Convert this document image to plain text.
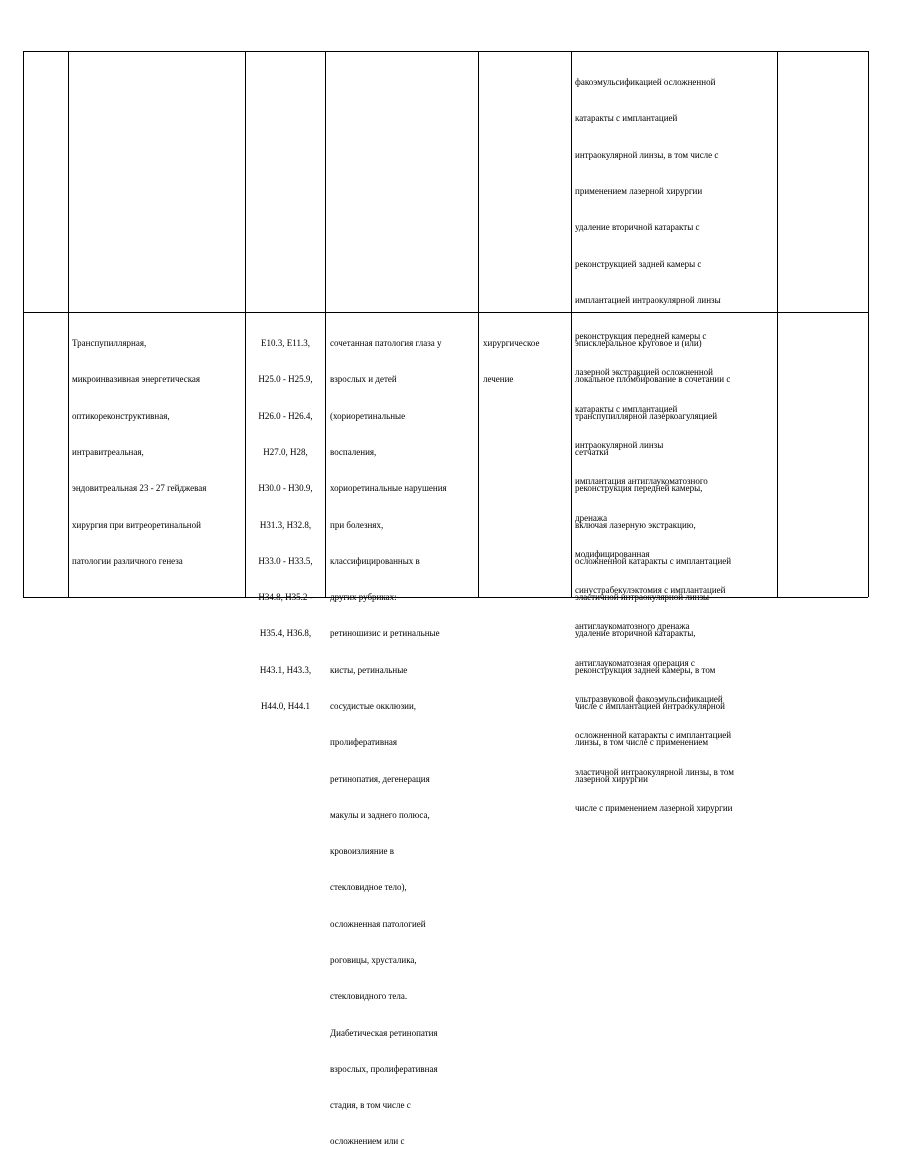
факоэмульсификацией осложненной

катаракты с имплантацией

интраокулярной линзы, в том числе с

применением лазерной хирургии

удаление вторичной катаракты с

реконструкцией задней камеры с

имплантацией интраокулярной линзы

реконструкция передней камеры с

лазерной экстракцией осложненной

катаракты с имплантацией

интраокулярной линзы

имплантация антиглаукоматозного

дренажа

модифицированная

синустрабекулэктомия с имплантацией

антиглаукоматозного дренажа

антиглаукоматозная операция с

ультразвуковой факоэмульсификацией

осложненной катаракты с имплантацией

эластичной интраокулярной линзы, в том

числе с применением лазерной хирургии

Транспупиллярная,

микроинвазивная энергетическая

оптикореконструктивная,

интравитреальная,

эндовитреальная 23 - 27 гейджевая

хирургия при витреоретинальной

патологии различного генеза

E10.3, E11.3,

H25.0 - H25.9,

H26.0 - H26.4,

H27.0, H28,

H30.0 - H30.9,

H31.3, H32.8,

H33.0 - H33.5,

H34.8, H35.2 -

H35.4, H36.8,

H43.1, H43.3,

H44.0, H44.1

сочетанная патология глаза у

взрослых и детей

(хориоретинальные

воспаления,

хориоретинальные нарушения

при болезнях,

классифицированных в

других рубриках:

ретиношизис и ретинальные

кисты, ретинальные

сосудистые окклюзии,

пролиферативная

ретинопатия, дегенерация

макулы и заднего полюса,

кровоизлияние в

стекловидное тело),

осложненная патологией

роговицы, хрусталика,

стекловидного тела.

Диабетическая ретинопатия

взрослых, пролиферативная

стадия, в том числе с

осложнением или с

хирургическое

лечение

эписклеральное круговое и (или)

локальное пломбирование в сочетании с

транспупиллярной лазеркоагуляцией

сетчатки

реконструкция передней камеры,

включая лазерную экстракцию,

осложненной катаракты с имплантацией

эластичной интраокулярной линзы

удаление вторичной катаракты,

реконструкция задней камеры, в том

числе с имплантацией интраокулярной

линзы, в том числе с применением

лазерной хирургии
